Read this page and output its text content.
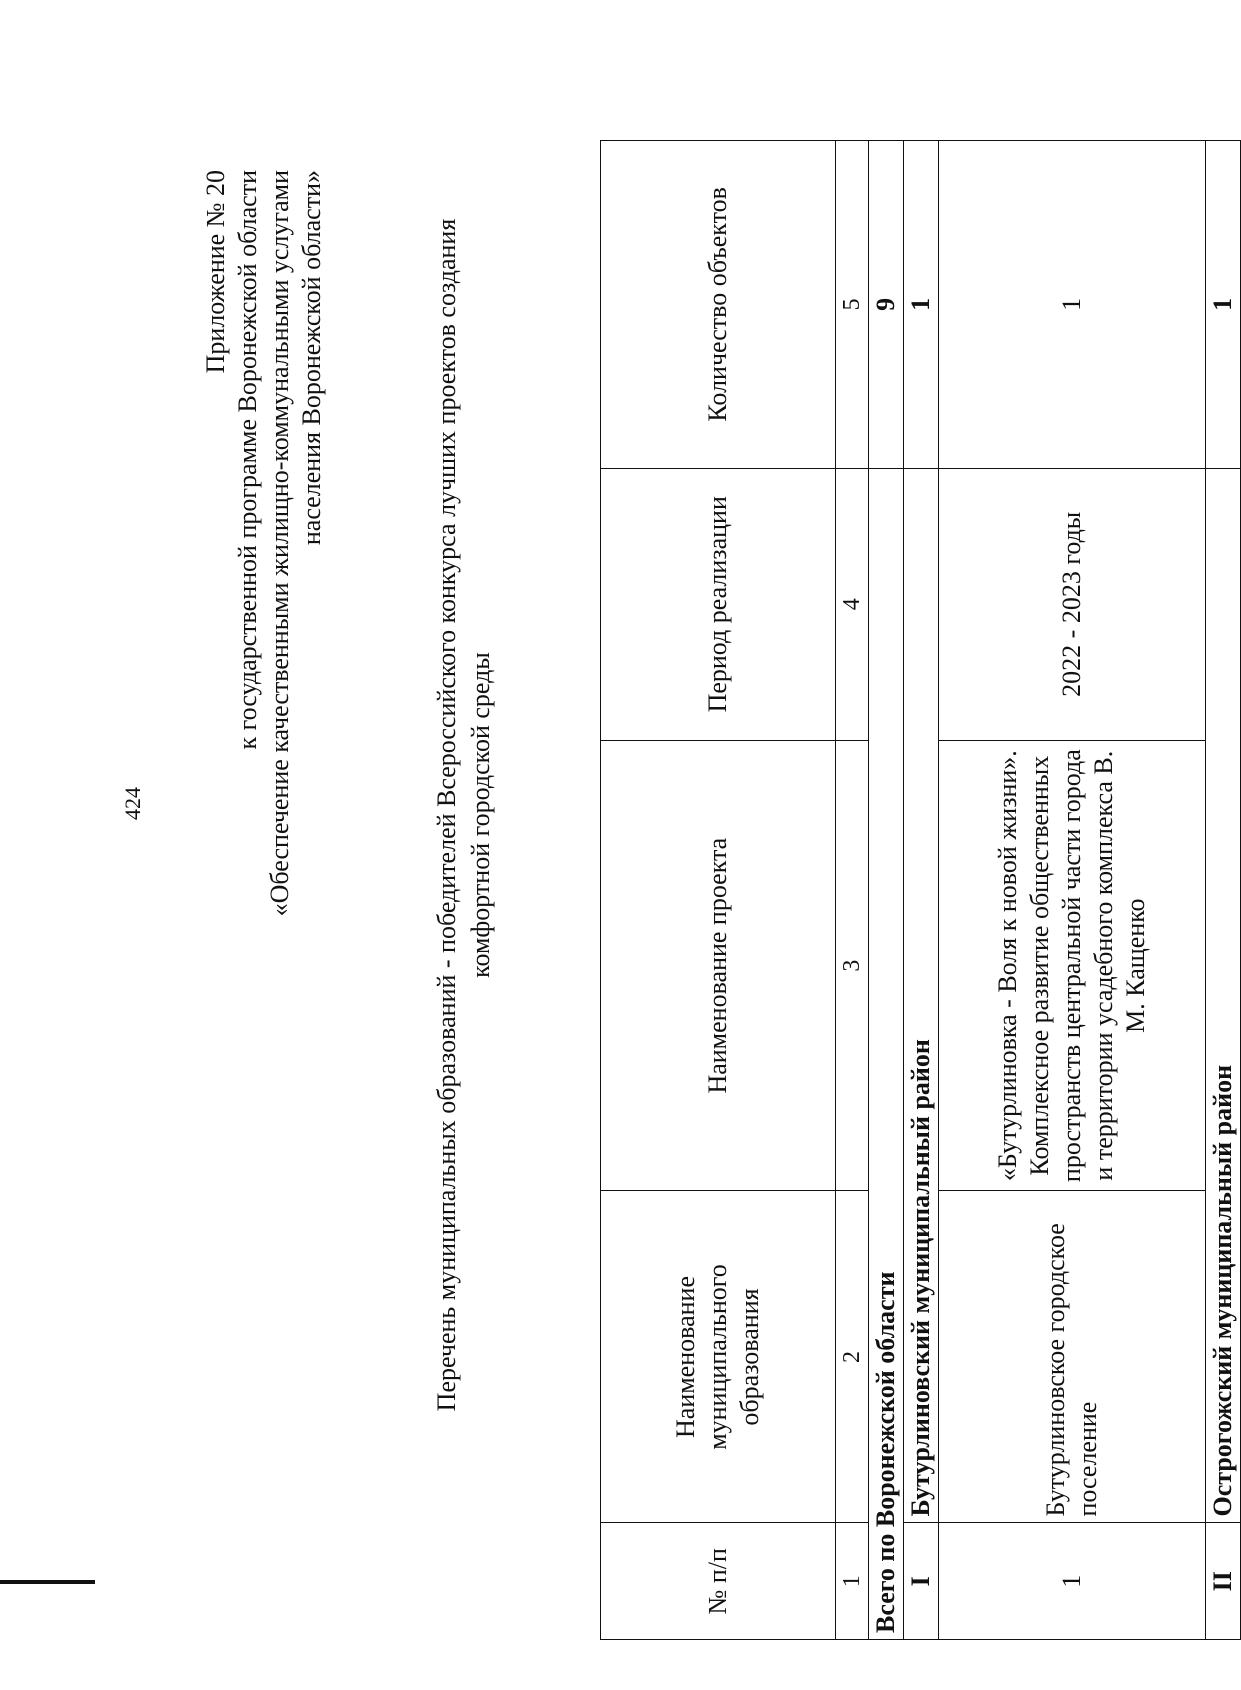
424
Приложение № 20 к государственной программе Воронежской области «Обеспечение качественными жилищно-коммунальными услугами населения Воронежской области»	Перечень муниципальных образований - победителей Всероссийского конкурса лучших проектов создания комфортной городской среды
№ п/п	Наименование муниципального образования	Наименование проекта	Период реализации	Количество объектов
1	2	3	4	5
Всего по Воронежской области				9
I	Бутурлиновский муниципальный район			1
1	Бутурлиновское городское поселение	«Бутурлиновка - Воля к новой жизни». Комплексное развитие общественных пространств центральной части города и территории усадебного комплекса В. М. Кащенко	2022 - 2023 годы	1
II	Острогожский муниципальный район			1
